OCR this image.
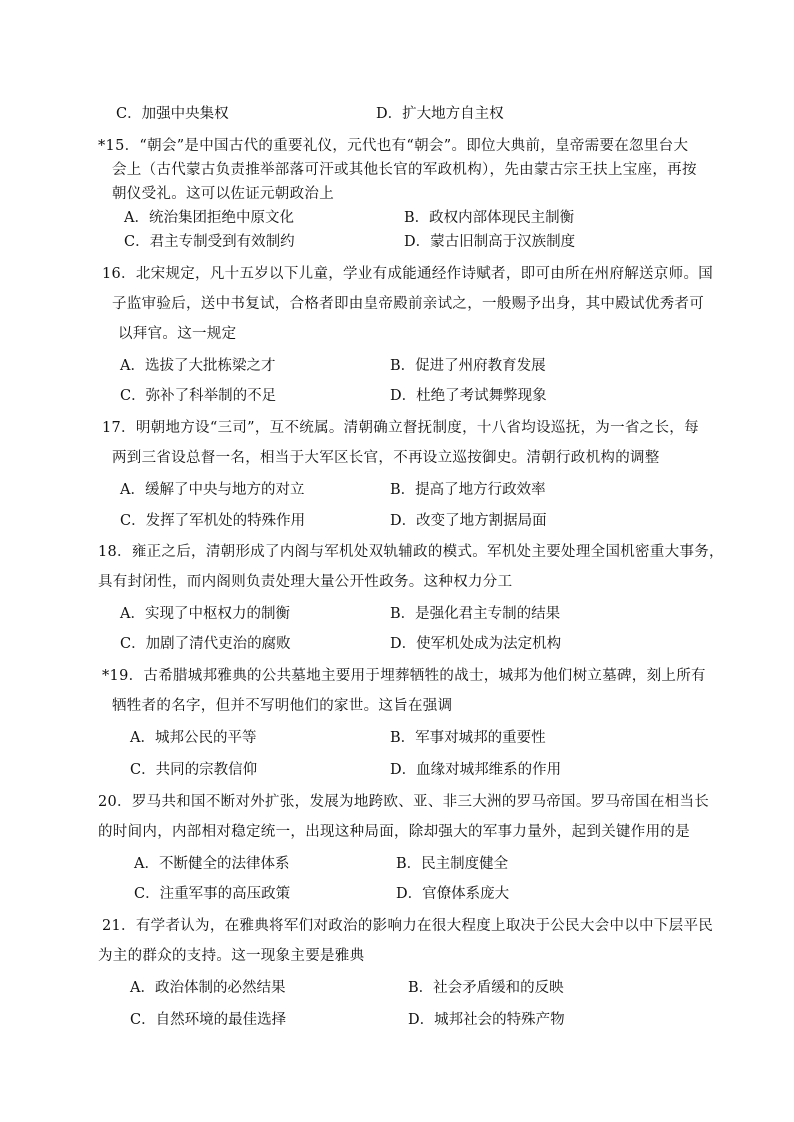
C．加强中央集权	D．扩大地方自主权
*15．“朝会”是中国古代的重要礼仪，元代也有“朝会”。即位大典前，皇帝需要在忽里台大
会上（古代蒙古负责推举部落可汗或其他长官的军政机构），先由蒙古宗王扶上宝座，再按
朝仪受礼。这可以佐证元朝政治上
A．统治集团拒绝中原文化	B．政权内部体现民主制衡
C．君主专制受到有效制约	D．蒙古旧制高于汉族制度
16．北宋规定，凡十五岁以下儿童，学业有成能通经作诗赋者，即可由所在州府解送京师。国
子监审验后，送中书复试，合格者即由皇帝殿前亲试之，一般赐予出身，其中殿试优秀者可
以拜官。这一规定
A．选拔了大批栋梁之才	B．促进了州府教育发展
C．弥补了科举制的不足	D．杜绝了考试舞弊现象
17．明朝地方设“三司”，互不统属。清朝确立督抚制度，十八省均设巡抚，为一省之长，每
两到三省设总督一名，相当于大军区长官，不再设立巡按御史。清朝行政机构的调整
A．缓解了中央与地方的对立	B．提高了地方行政效率
C．发挥了军机处的特殊作用	D．改变了地方割据局面
18．雍正之后，清朝形成了内阁与军机处双轨辅政的模式。军机处主要处理全国机密重大事务，
具有封闭性，而内阁则负责处理大量公开性政务。这种权力分工
A．实现了中枢权力的制衡	B．是强化君主专制的结果
C．加剧了清代吏治的腐败	D．使军机处成为法定机构
*19．古希腊城邦雅典的公共墓地主要用于埋葬牺牲的战士，城邦为他们树立墓碑，刻上所有
牺牲者的名字，但并不写明他们的家世。这旨在强调
A．城邦公民的平等	B．军事对城邦的重要性
C．共同的宗教信仰	D．血缘对城邦维系的作用
20．罗马共和国不断对外扩张，发展为地跨欧、亚、非三大洲的罗马帝国。罗马帝国在相当长
的时间内，内部相对稳定统一，出现这种局面，除却强大的军事力量外，起到关键作用的是
A．不断健全的法律体系	B．民主制度健全
C．注重军事的高压政策	D．官僚体系庞大
21．有学者认为，在雅典将军们对政治的影响力在很大程度上取决于公民大会中以中下层平民
为主的群众的支持。这一现象主要是雅典
A．政治体制的必然结果	B．社会矛盾缓和的反映
C．自然环境的最佳选择	D．城邦社会的特殊产物
